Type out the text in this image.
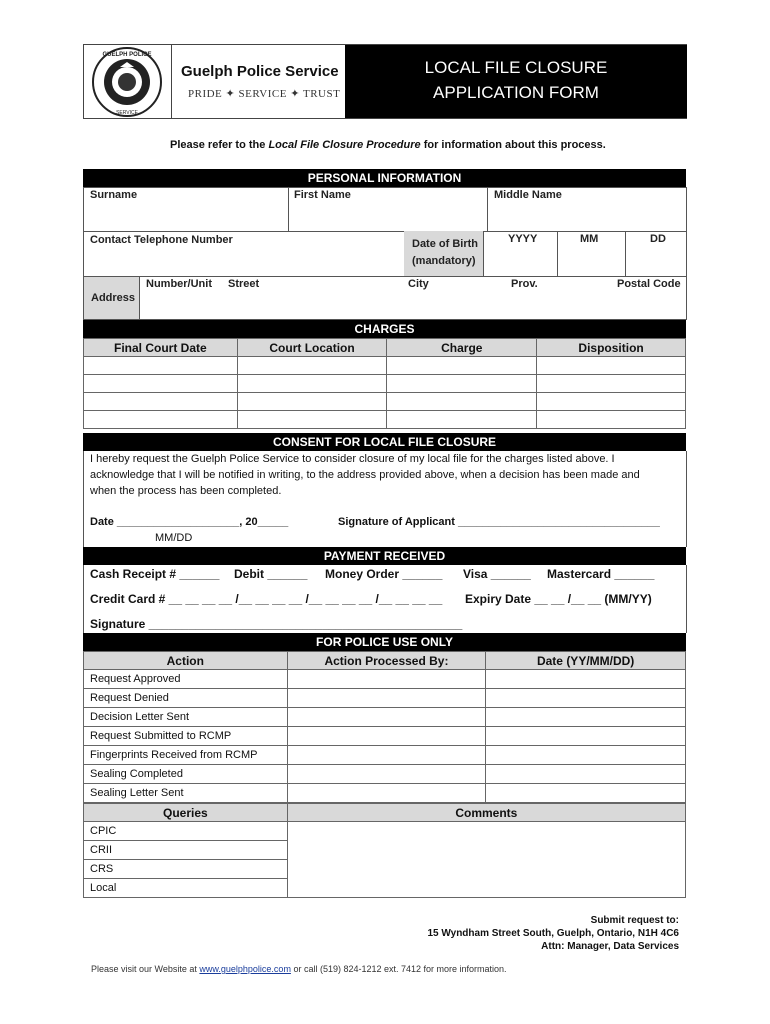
GUELPH POLICE
SERVICE
Guelph Police Service
PRIDE ✦ SERVICE ✦ TRUST
LOCAL FILE CLOSURE
APPLICATION FORM
Please refer to the Local File Closure Procedure for information about this process.
PERSONAL INFORMATION
Surname	First Name	Middle Name
Contact Telephone Number	Date of Birth
(mandatory)
YYYY	MM	DD
Address
Number/Unit Street	City	Prov.	Postal Code
CHARGES
Final Court Date	Court Location	Charge	Disposition

CONSENT FOR LOCAL FILE CLOSURE
I hereby request the Guelph Police Service to consider closure of my local file for the charges listed above. I
acknowledge that I will be notified in writing, to the address provided above, when a decision has been made and
when the process has been completed.
Date ____________________, 20_____	Signature of Applicant _________________________________
MM/DD
PAYMENT RECEIVED
Cash Receipt # ______ Debit ______ Money Order ______ Visa ______ Mastercard ______
Credit Card # __ __ __ __ /__ __ __ __ /__ __ __ __ /__ __ __ __ Expiry Date __ __ /__ __ (MM/YY)
Signature _______________________________________________
FOR POLICE USE ONLY
Action	Action Processed By:	Date (YY/MM/DD)
Request Approved		
Request Denied		
Decision Letter Sent		
Request Submitted to RCMP		
Fingerprints Received from RCMP		
Sealing Completed		
Sealing Letter Sent		
Queries	Comments
CPIC	
CRII	
CRS	
Local	
Submit request to:
15 Wyndham Street South, Guelph, Ontario, N1H 4C6
Attn: Manager, Data Services
Please visit our Website at www.guelphpolice.com or call (519) 824-1212 ext. 7412 for more information.
